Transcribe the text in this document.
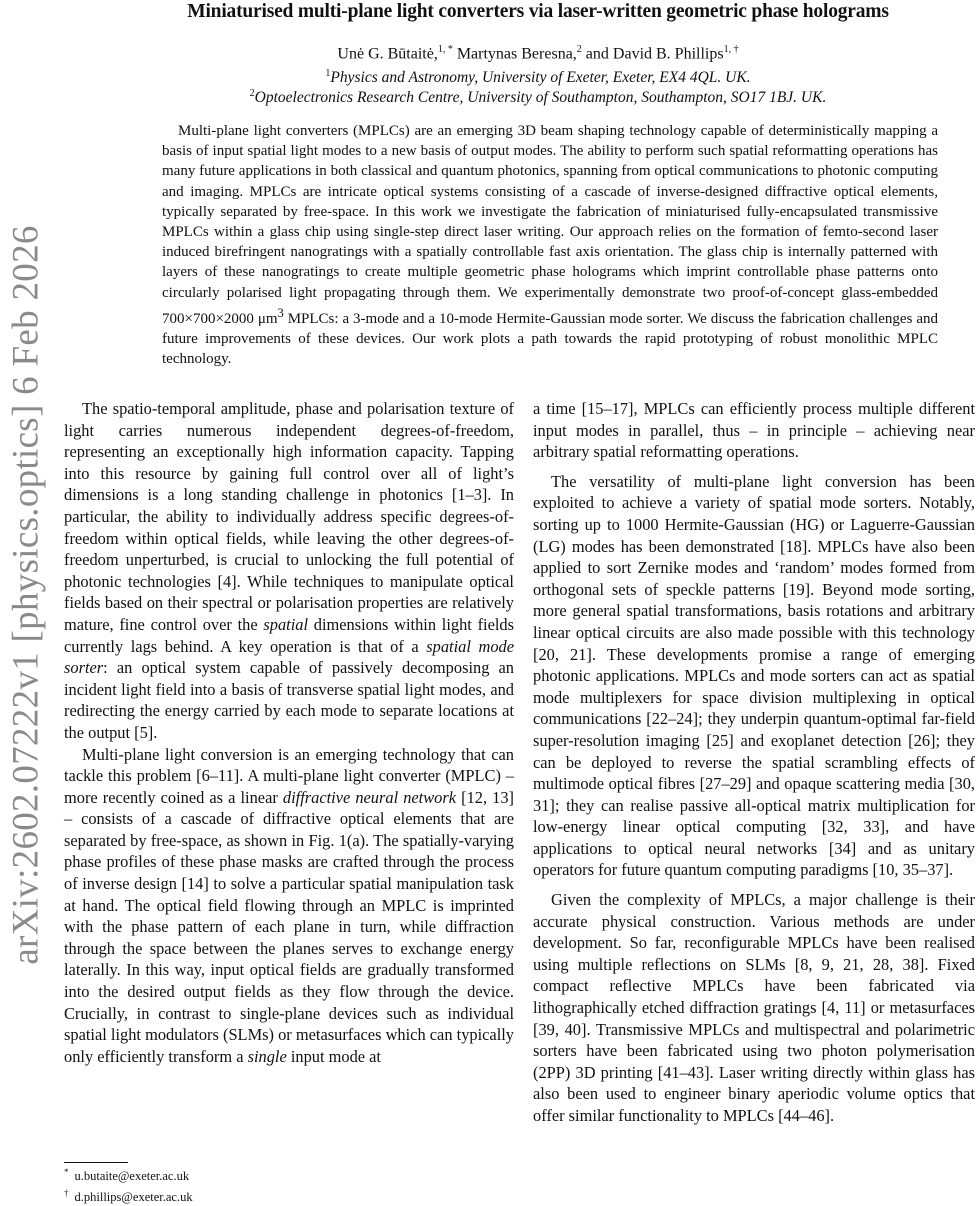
arXiv:2602.07222v1 [physics.optics] 6 Feb 2026
Miniaturised multi-plane light converters via laser-written geometric phase holograms
Unė G. Būtaitė,$^{1, *}$ Martynas Beresna,$^2$ and David B. Phillips$^{1, \dagger}$
$^1$Physics and Astronomy, University of Exeter, Exeter, EX4 4QL. UK.
$^2$Optoelectronics Research Centre, University of Southampton, Southampton, SO17 1BJ. UK.

Multi-plane light converters (MPLCs) are an emerging 3D beam shaping technology capable of deterministically mapping a basis of input spatial light modes to a new basis of output modes. The ability to perform such spatial reformatting operations has many future applications in both classical and quantum photonics, spanning from optical communications to photonic computing and imaging. MPLCs are intricate optical systems consisting of a cascade of inverse-designed diffractive optical elements, typically separated by free-space. In this work we investigate the fabrication of miniaturised fully-encapsulated transmissive MPLCs within a glass chip using single-step direct laser writing. Our approach relies on the formation of femto-second laser induced birefringent nanogratings with a spatially controllable fast axis orientation. The glass chip is internally patterned with layers of these nanogratings to create multiple geometric phase holograms which imprint controllable phase patterns onto circularly polarised light propagating through them. We experimentally demonstrate two proof-of-concept glass-embedded 700×700×2000 $\mu m^3$ MPLCs: a 3-mode and a 10-mode Hermite-Gaussian mode sorter. We discuss the fabrication challenges and future improvements of these devices. Our work plots a path towards the rapid prototyping of robust monolithic MPLC technology.

The spatio-temporal amplitude, phase and polarisation texture of light carries numerous independent degrees-of-freedom, representing an exceptionally high information capacity. Tapping into this resource by gaining full control over all of light’s dimensions is a long standing challenge in photonics [1–3]. In particular, the ability to individually address specific degrees-of-freedom within optical fields, while leaving the other degrees-of-freedom unperturbed, is crucial to unlocking the full potential of photonic technologies [4]. While techniques to manipulate optical fields based on their spectral or polarisation properties are relatively mature, fine control over the spatial dimensions within light fields currently lags behind. A key operation is that of a spatial mode sorter: an optical system capable of passively decomposing an incident light field into a basis of transverse spatial light modes, and redirecting the energy carried by each mode to separate locations at the output [5].

Multi-plane light conversion is an emerging technology that can tackle this problem [6–11]. A multi-plane light converter (MPLC) – more recently coined as a linear diffractive neural network [12, 13] – consists of a cascade of diffractive optical elements that are separated by free-space, as shown in Fig. 1(a). The spatially-varying phase profiles of these phase masks are crafted through the process of inverse design [14] to solve a particular spatial manipulation task at hand. The optical field flowing through an MPLC is imprinted with the phase pattern of each plane in turn, while diffraction through the space between the planes serves to exchange energy laterally. In this way, input optical fields are gradually transformed into the desired output fields as they flow through the device. Crucially, in contrast to single-plane devices such as individual spatial light modulators (SLMs) or metasurfaces which can typically only efficiently transform a single input mode at

a time [15–17], MPLCs can efficiently process multiple different input modes in parallel, thus – in principle – achieving near arbitrary spatial reformatting operations.

The versatility of multi-plane light conversion has been exploited to achieve a variety of spatial mode sorters. Notably, sorting up to 1000 Hermite-Gaussian (HG) or Laguerre-Gaussian (LG) modes has been demonstrated [18]. MPLCs have also been applied to sort Zernike modes and ‘random’ modes formed from orthogonal sets of speckle patterns [19]. Beyond mode sorting, more general spatial transformations, basis rotations and arbitrary linear optical circuits are also made possible with this technology [20, 21]. These developments promise a range of emerging photonic applications. MPLCs and mode sorters can act as spatial mode multiplexers for space division multiplexing in optical communications [22–24]; they underpin quantum-optimal far-field super-resolution imaging [25] and exoplanet detection [26]; they can be deployed to reverse the spatial scrambling effects of multimode optical fibres [27–29] and opaque scattering media [30, 31]; they can realise passive all-optical matrix multiplication for low-energy linear optical computing [32, 33], and have applications to optical neural networks [34] and as unitary operators for future quantum computing paradigms [10, 35–37].

Given the complexity of MPLCs, a major challenge is their accurate physical construction. Various methods are under development. So far, reconfigurable MPLCs have been realised using multiple reflections on SLMs [8, 9, 21, 28, 38]. Fixed compact reflective MPLCs have been fabricated via lithographically etched diffraction gratings [4, 11] or metasurfaces [39, 40]. Transmissive MPLCs and multispectral and polarimetric sorters have been fabricated using two photon polymerisation (2PP) 3D printing [41–43]. Laser writing directly within glass has also been used to engineer binary aperiodic volume optics that offer similar functionality to MPLCs [44–46].

* u.butaite@exeter.ac.uk
† d.phillips@exeter.ac.uk
